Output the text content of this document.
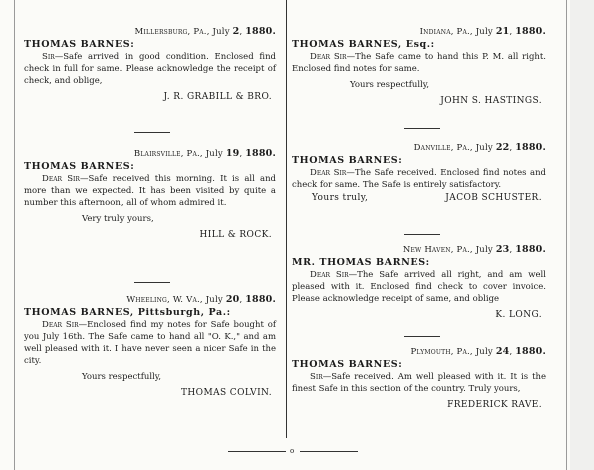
Millersburg, Pa., July 2, 1880.
THOMAS BARNES:
Sir—Safe arrived in good condition. Enclosed find check in full for same. Please acknowledge the receipt of check, and oblige,
J. R. GRABILL & BRO.
Blairsville, Pa., July 19, 1880.
THOMAS BARNES:
Dear Sir—Safe received this morning. It is all and more than we expected. It has been visited by quite a number this afternoon, all of whom admired it.
Very truly yours,
HILL & ROCK.
Wheeling, W. Va., July 20, 1880.
THOMAS BARNES, Pittsburgh, Pa.:
Dear Sir—Enclosed find my notes for Safe bought of you July 16th. The Safe came to hand all "O. K.," and am well pleased with it. I have never seen a nicer Safe in the city.
Yours respectfully,
THOMAS COLVIN.
Indiana, Pa., July 21, 1880.
THOMAS BARNES, Esq.:
Dear Sir—The Safe came to hand this P. M. all right. Enclosed find notes for same.
Yours respectfully,
JOHN S. HASTINGS.
Danville, Pa., July 22, 1880.
THOMAS BARNES:
Dear Sir—The Safe received. Enclosed find notes and check for same. The Safe is entirely satisfactory.
Yours truly,	JACOB SCHUSTER.
New Haven, Pa., July 23, 1880.
MR. THOMAS BARNES:
Dear Sir—The Safe arrived all right, and am well pleased with it. Enclosed find check to cover invoice. Please acknowledge receipt of same, and oblige
K. LONG.
Plymouth, Pa., July 24, 1880.
THOMAS BARNES:
Sir—Safe received. Am well pleased with it. It is the finest Safe in this section of the country. Truly yours,
FREDERICK RAVE.
o
